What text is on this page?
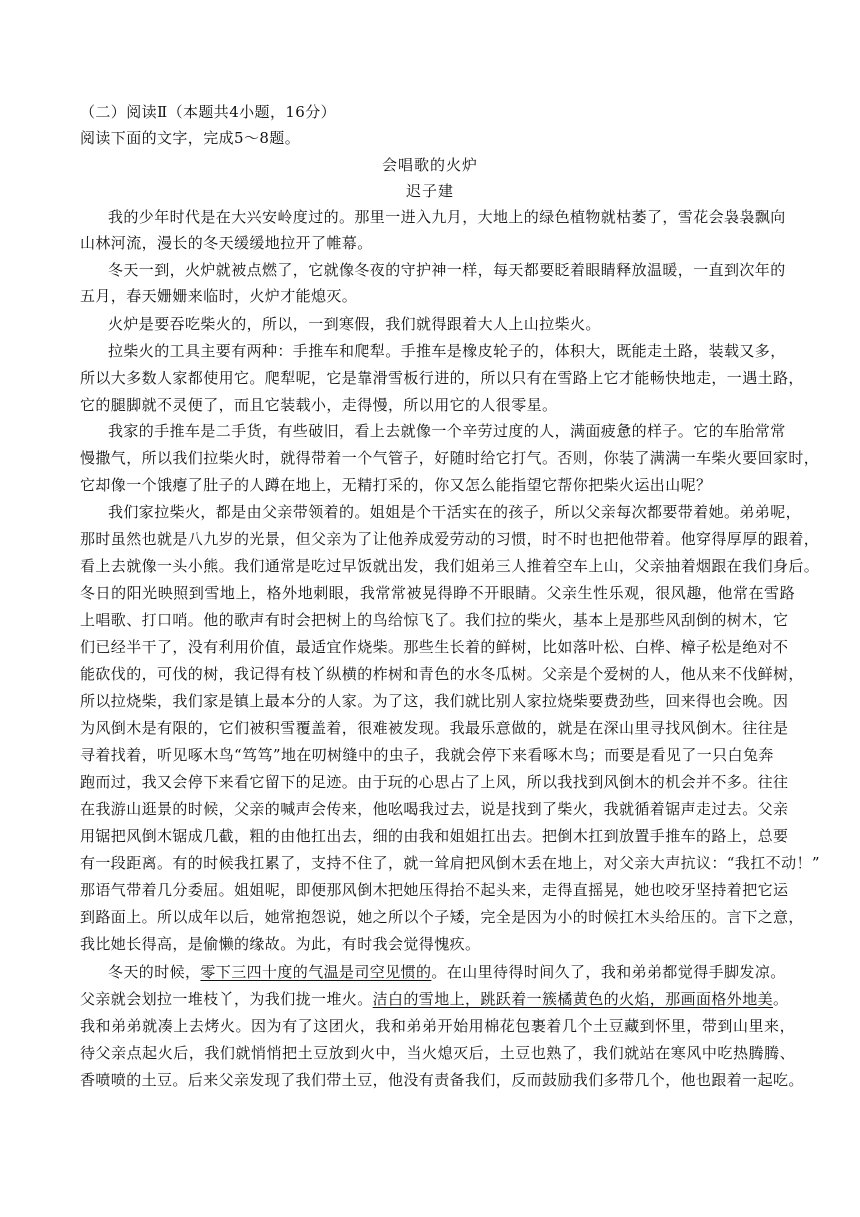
（二）阅读Ⅱ（本题共4小题，16分）
阅读下面的文字，完成5～8题。
会唱歌的火炉
迟子建
我的少年时代是在大兴安岭度过的。那里一进入九月，大地上的绿色植物就枯萎了，雪花会袅袅飘向
山林河流，漫长的冬天缓缓地拉开了帷幕。
冬天一到，火炉就被点燃了，它就像冬夜的守护神一样，每天都要眨着眼睛释放温暖，一直到次年的
五月，春天姗姗来临时，火炉才能熄灭。
火炉是要吞吃柴火的，所以，一到寒假，我们就得跟着大人上山拉柴火。
拉柴火的工具主要有两种：手推车和爬犁。手推车是橡皮轮子的，体积大，既能走土路，装载又多，
所以大多数人家都使用它。爬犁呢，它是靠滑雪板行进的，所以只有在雪路上它才能畅快地走，一遇土路，
它的腿脚就不灵便了，而且它装载小，走得慢，所以用它的人很零星。
我家的手推车是二手货，有些破旧，看上去就像一个辛劳过度的人，满面疲惫的样子。它的车胎常常
慢撒气，所以我们拉柴火时，就得带着一个气管子，好随时给它打气。否则，你装了满满一车柴火要回家时，
它却像一个饿瘪了肚子的人蹲在地上，无精打采的，你又怎么能指望它帮你把柴火运出山呢？
我们家拉柴火，都是由父亲带领着的。姐姐是个干活实在的孩子，所以父亲每次都要带着她。弟弟呢，
那时虽然也就是八九岁的光景，但父亲为了让他养成爱劳动的习惯，时不时也把他带着。他穿得厚厚的跟着，
看上去就像一头小熊。我们通常是吃过早饭就出发，我们姐弟三人推着空车上山，父亲抽着烟跟在我们身后。
冬日的阳光映照到雪地上，格外地刺眼，我常常被晃得睁不开眼睛。父亲生性乐观，很风趣，他常在雪路
上唱歌、打口哨。他的歌声有时会把树上的鸟给惊飞了。我们拉的柴火，基本上是那些风刮倒的树木，它
们已经半干了，没有利用价值，最适宜作烧柴。那些生长着的鲜树，比如落叶松、白桦、樟子松是绝对不
能砍伐的，可伐的树，我记得有枝丫纵横的柞树和青色的水冬瓜树。父亲是个爱树的人，他从来不伐鲜树，
所以拉烧柴，我们家是镇上最本分的人家。为了这，我们就比别人家拉烧柴要费劲些，回来得也会晚。因
为风倒木是有限的，它们被积雪覆盖着，很难被发现。我最乐意做的，就是在深山里寻找风倒木。往往是
寻着找着，听见啄木鸟“笃笃”地在叨树缝中的虫子，我就会停下来看啄木鸟；而要是看见了一只白兔奔
跑而过，我又会停下来看它留下的足迹。由于玩的心思占了上风，所以我找到风倒木的机会并不多。往往
在我游山逛景的时候，父亲的喊声会传来，他吆喝我过去，说是找到了柴火，我就循着锯声走过去。父亲
用锯把风倒木锯成几截，粗的由他扛出去，细的由我和姐姐扛出去。把倒木扛到放置手推车的路上，总要
有一段距离。有的时候我扛累了，支持不住了，就一耸肩把风倒木丢在地上，对父亲大声抗议：“我扛不动！”
那语气带着几分委屈。姐姐呢，即便那风倒木把她压得抬不起头来，走得直摇晃，她也咬牙坚持着把它运
到路面上。所以成年以后，她常抱怨说，她之所以个子矮，完全是因为小的时候扛木头给压的。言下之意，
我比她长得高，是偷懒的缘故。为此，有时我会觉得愧疚。
冬天的时候，零下三四十度的气温是司空见惯的。在山里待得时间久了，我和弟弟都觉得手脚发凉。
父亲就会划拉一堆枝丫，为我们拢一堆火。洁白的雪地上，跳跃着一簇橘黄色的火焰，那画面格外地美。
我和弟弟就凑上去烤火。因为有了这团火，我和弟弟开始用棉花包裹着几个土豆藏到怀里，带到山里来，
待父亲点起火后，我们就悄悄把土豆放到火中，当火熄灭后，土豆也熟了，我们就站在寒风中吃热腾腾、
香喷喷的土豆。后来父亲发现了我们带土豆，他没有责备我们，反而鼓励我们多带几个，他也跟着一起吃。
